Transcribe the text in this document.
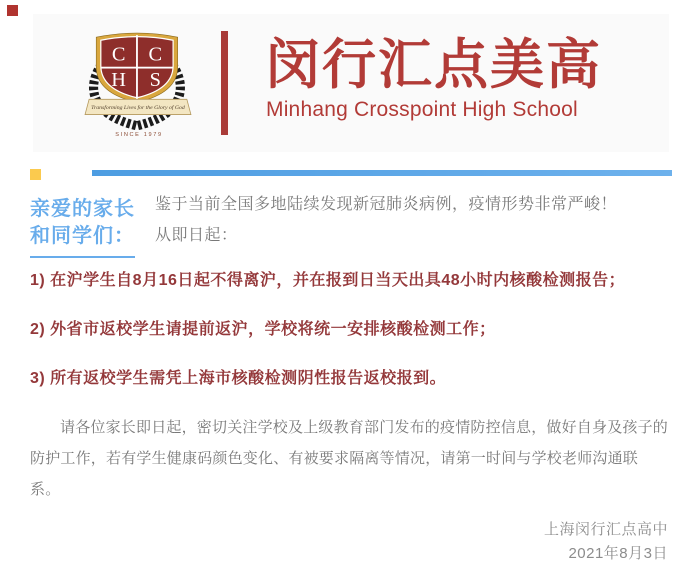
C C
H S
Transforming Lives for the Glory of God
SINCE 1979
闵行汇点美高
Minhang Crosspoint High School
亲爱的家长
和同学们：
鉴于当前全国多地陆续发现新冠肺炎病例，疫情形势非常严峻！
从即日起：
1) 在沪学生自8月16日起不得离沪，并在报到日当天出具48小时内核酸检测报告；
2) 外省市返校学生请提前返沪，学校将统一安排核酸检测工作；
3) 所有返校学生需凭上海市核酸检测阴性报告返校报到。
请各位家长即日起，密切关注学校及上级教育部门发布的疫情防控信息，做好自身及孩子的防护工作，若有学生健康码颜色变化、有被要求隔离等情况，请第一时间与学校老师沟通联系。
上海闵行汇点高中
2021年8月3日
